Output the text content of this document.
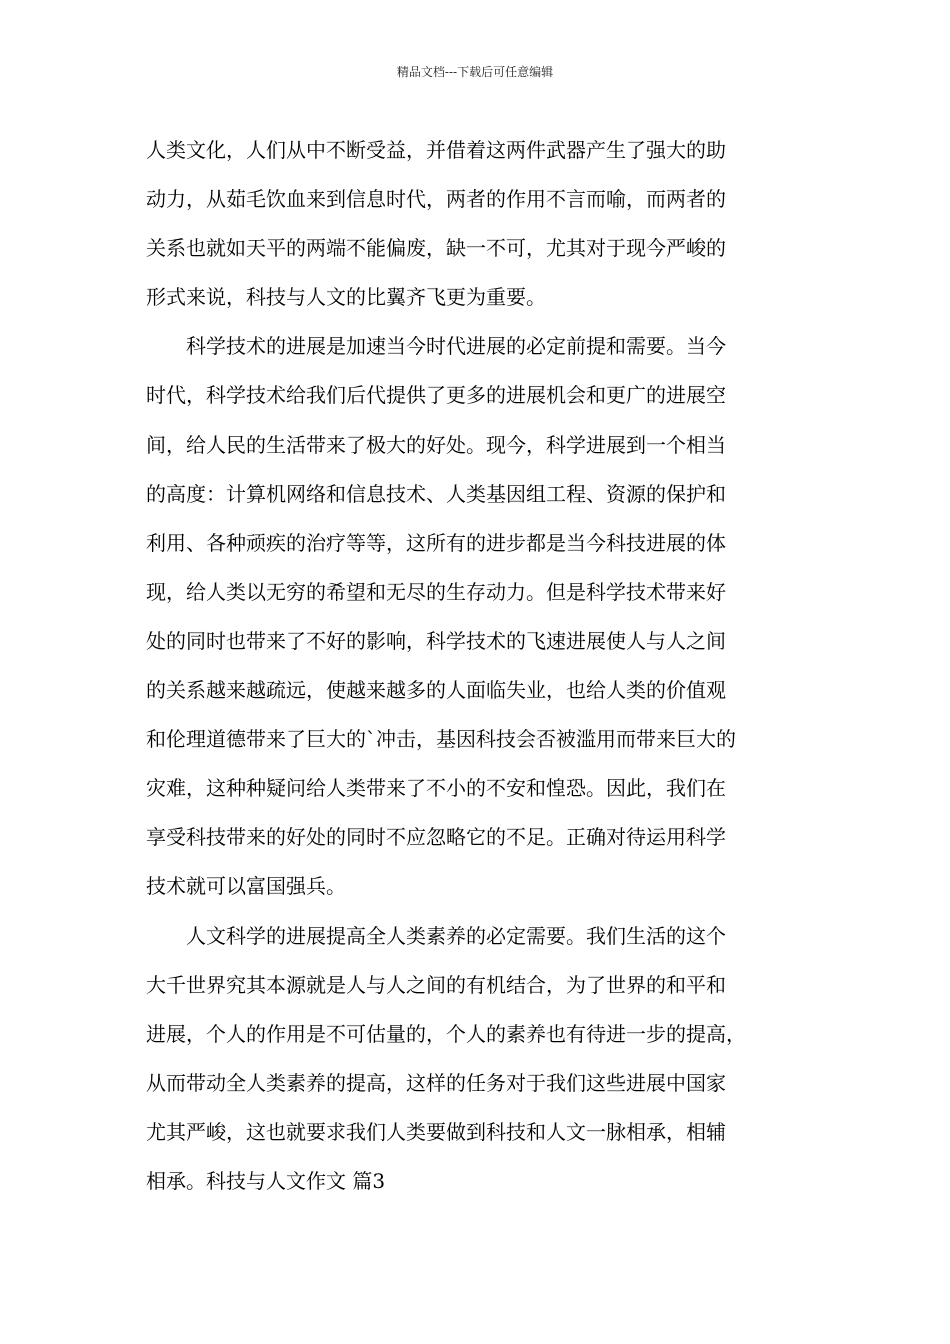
精品文档---下载后可任意编辑
人类文化，人们从中不断受益，并借着这两件武器产生了强大的助
动力，从茹毛饮血来到信息时代，两者的作用不言而喻，而两者的
关系也就如天平的两端不能偏废，缺一不可，尤其对于现今严峻的
形式来说，科技与人文的比翼齐飞更为重要。
科学技术的进展是加速当今时代进展的必定前提和需要。当今
时代，科学技术给我们后代提供了更多的进展机会和更广的进展空
间，给人民的生活带来了极大的好处。现今，科学进展到一个相当
的高度：计算机网络和信息技术、人类基因组工程、资源的保护和
利用、各种顽疾的治疗等等，这所有的进步都是当今科技进展的体
现，给人类以无穷的希望和无尽的生存动力。但是科学技术带来好
处的同时也带来了不好的影响，科学技术的飞速进展使人与人之间
的关系越来越疏远，使越来越多的人面临失业，也给人类的价值观
和伦理道德带来了巨大的`冲击，基因科技会否被滥用而带来巨大的
灾难，这种种疑问给人类带来了不小的不安和惶恐。因此，我们在
享受科技带来的好处的同时不应忽略它的不足。正确对待运用科学
技术就可以富国强兵。
人文科学的进展提高全人类素养的必定需要。我们生活的这个
大千世界究其本源就是人与人之间的有机结合，为了世界的和平和
进展，个人的作用是不可估量的，个人的素养也有待进一步的提高，
从而带动全人类素养的提高，这样的任务对于我们这些进展中国家
尤其严峻，这也就要求我们人类要做到科技和人文一脉相承，相辅
相承。科技与人文作文 篇3
